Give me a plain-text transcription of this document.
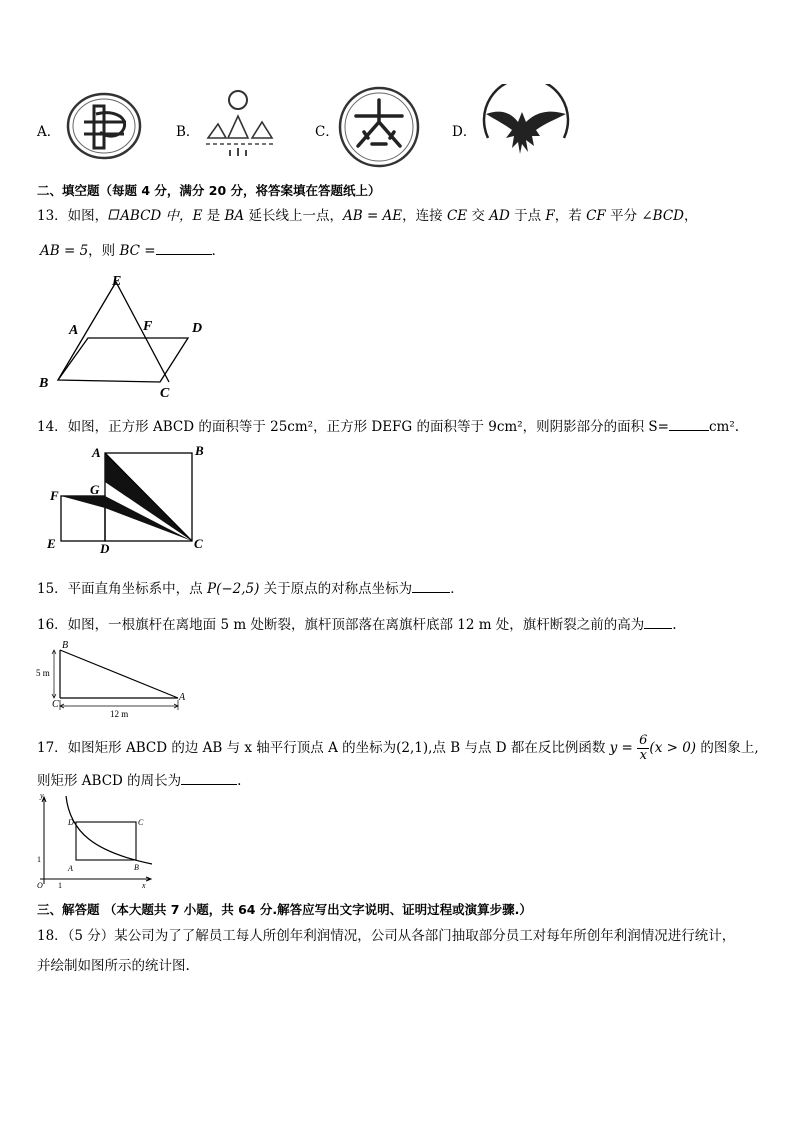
A．	B．	C．	D．
二、填空题（每题 4 分，满分 20 分，将答案填在答题纸上）
13．如图， ABCD 中，E 是 BA 延长线上一点，AB = AE，连接 CE 交 AD 于点 F，若 CF 平分 ∠BCD，
AB = 5，则 BC =	．
E
A	F	D
B
C
14．如图，正方形 ABCD 的面积等于 25cm²，正方形 DEFG 的面积等于 9cm²，则阴影部分的面积 S=	cm².
A	B
F G
E	D	C
15．平面直角坐标系中，点 P(−2,5) 关于原点的对称点坐标为	．
16．如图，一根旗杆在离地面 5 m 处断裂，旗杆顶部落在离旗杆底部 12 m 处，旗杆断裂之前的高为 .
B
C
A
5 m
12 m
17．如图矩形 ABCD 的边 AB 与 x 轴平行顶点 A 的坐标为(2,1),点 B 与点 D 都在反比例函数 $y = \frac{6}{x} (x > 0)$ 的图象上,
则矩形 ABCD 的周长为	.
y
x
O 1
1
A	B
C
D
三、解答题 （本大题共 7 小题，共 64 分.解答应写出文字说明、证明过程或演算步骤.）
18．（5 分）某公司为了了解员工每人所创年利润情况，公司从各部门抽取部分员工对每年所创年利润情况进行统计，
并绘制如图所示的统计图.
